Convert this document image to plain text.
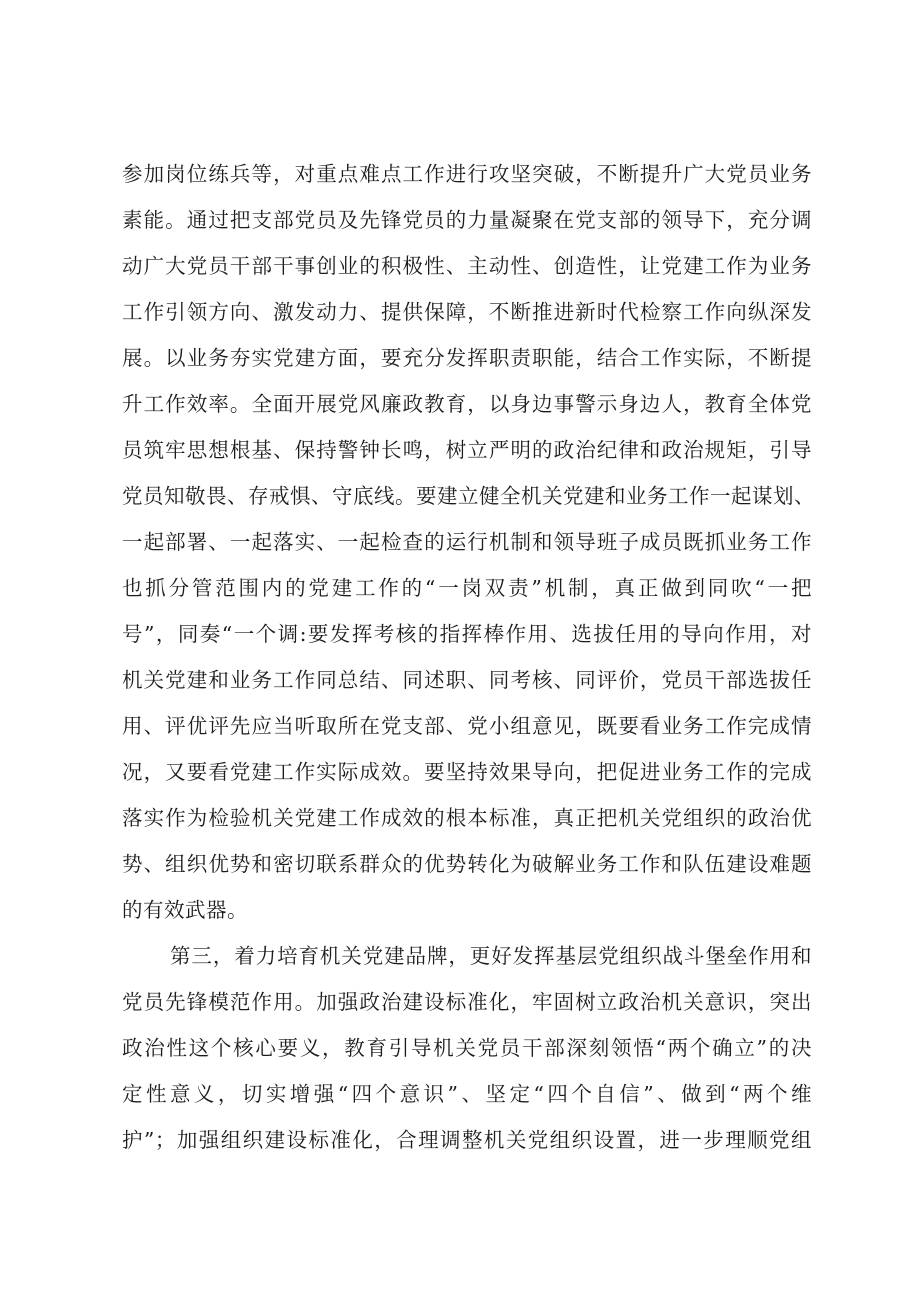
参加岗位练兵等，对重点难点工作进行攻坚突破，不断提升广大党员业务
素能。通过把支部党员及先锋党员的力量凝聚在党支部的领导下，充分调
动广大党员干部干事创业的积极性、主动性、创造性，让党建工作为业务
工作引领方向、激发动力、提供保障，不断推进新时代检察工作向纵深发
展。以业务夯实党建方面，要充分发挥职责职能，结合工作实际，不断提
升工作效率。全面开展党风廉政教育，以身边事警示身边人，教育全体党
员筑牢思想根基、保持警钟长鸣，树立严明的政治纪律和政治规矩，引导
党员知敬畏、存戒惧、守底线。要建立健全机关党建和业务工作一起谋划、
一起部署、一起落实、一起检查的运行机制和领导班子成员既抓业务工作
也抓分管范围内的党建工作的“一岗双责”机制，真正做到同吹“一把
号”，同奏“一个调:要发挥考核的指挥棒作用、选拔任用的导向作用，对
机关党建和业务工作同总结、同述职、同考核、同评价，党员干部选拔任
用、评优评先应当听取所在党支部、党小组意见，既要看业务工作完成情
况，又要看党建工作实际成效。要坚持效果导向，把促进业务工作的完成
落实作为检验机关党建工作成效的根本标准，真正把机关党组织的政治优
势、组织优势和密切联系群众的优势转化为破解业务工作和队伍建设难题
的有效武器。
第三，着力培育机关党建品牌，更好发挥基层党组织战斗堡垒作用和
党员先锋模范作用。加强政治建设标准化，牢固树立政治机关意识，突出
政治性这个核心要义，教育引导机关党员干部深刻领悟“两个确立”的决
定性意义，切实增强“四个意识”、坚定“四个自信”、做到“两个维
护”；加强组织建设标准化，合理调整机关党组织设置，进一步理顺党组
